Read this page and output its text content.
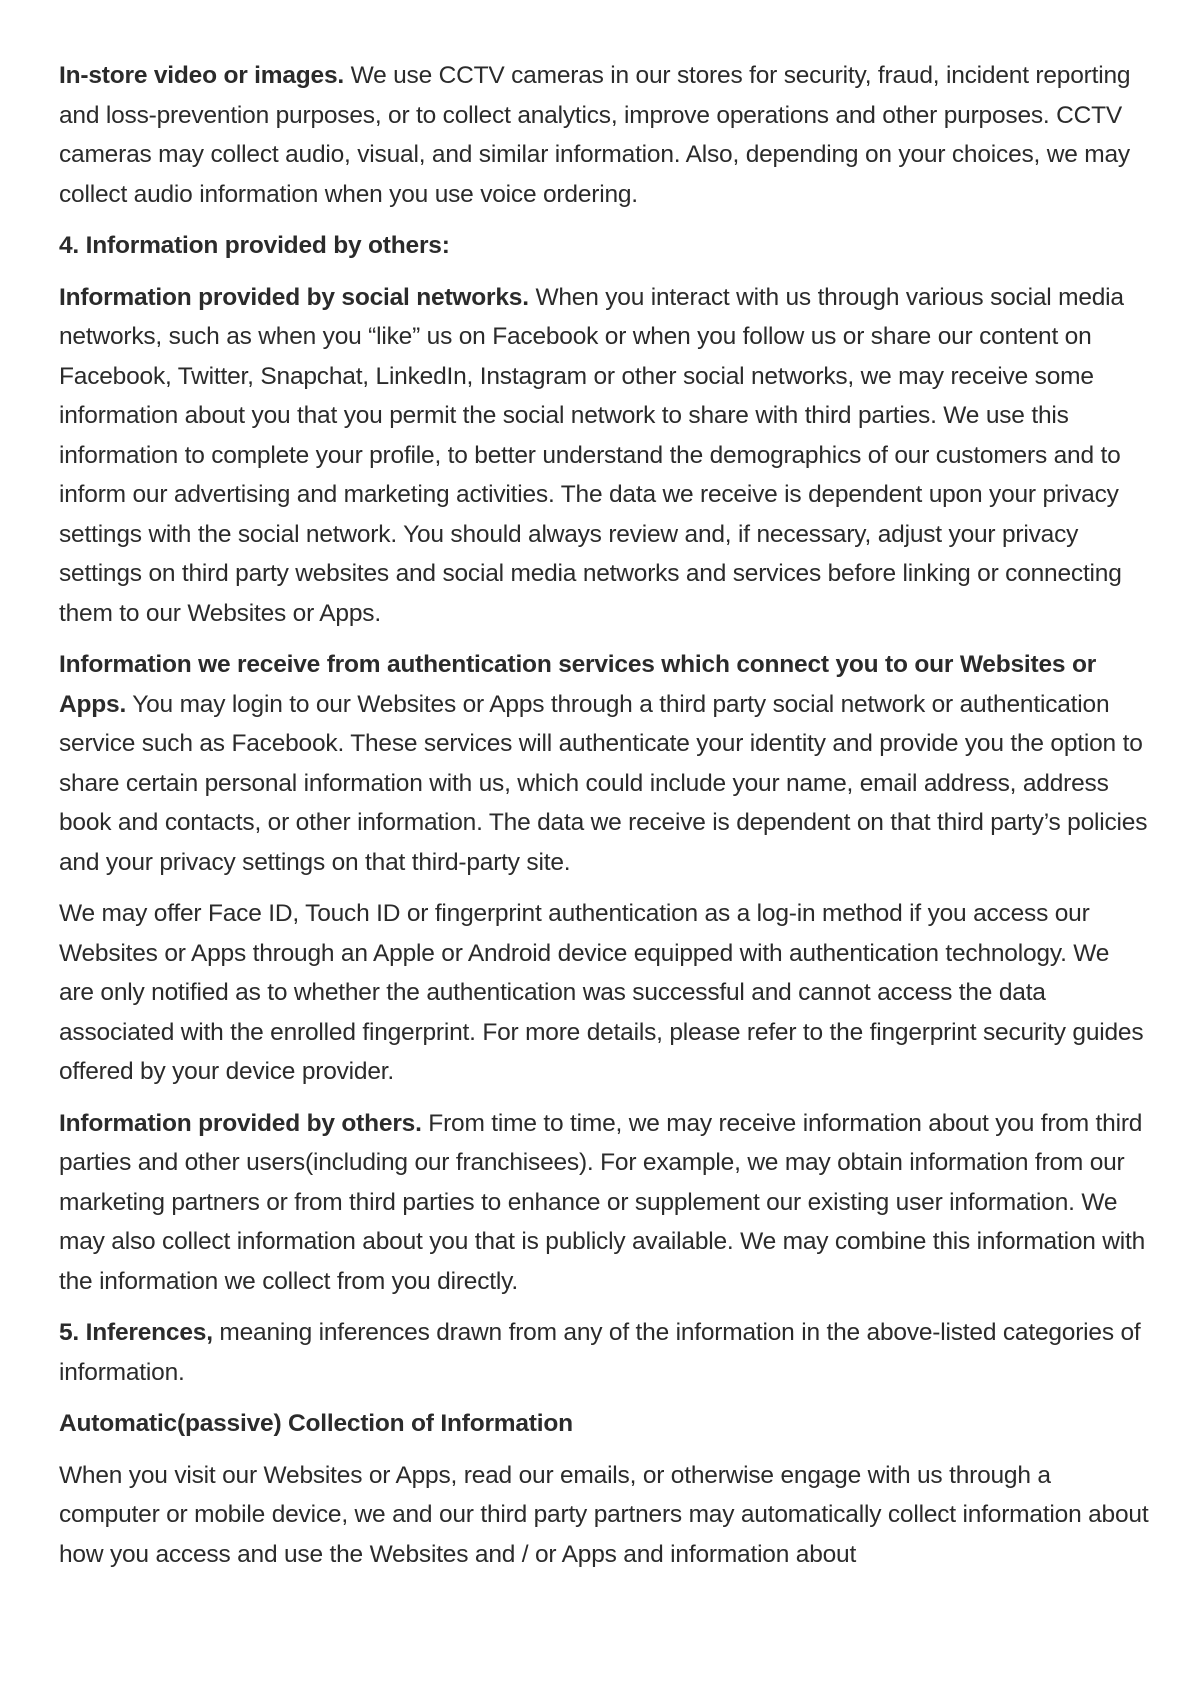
In-store video or images. We use CCTV cameras in our stores for security, fraud, incident reporting and loss-prevention purposes, or to collect analytics, improve operations and other purposes. CCTV cameras may collect audio, visual, and similar information. Also, depending on your choices, we may collect audio information when you use voice ordering.

4. Information provided by others:

Information provided by social networks. When you interact with us through various social media networks, such as when you “like” us on Facebook or when you follow us or share our content on Facebook, Twitter, Snapchat, LinkedIn, Instagram or other social networks, we may receive some information about you that you permit the social network to share with third parties. We use this information to complete your profile, to better understand the demographics of our customers and to inform our advertising and marketing activities. The data we receive is dependent upon your privacy settings with the social network. You should always review and, if necessary, adjust your privacy settings on third party websites and social media networks and services before linking or connecting them to our Websites or Apps.

Information we receive from authentication services which connect you to our Websites or Apps. You may login to our Websites or Apps through a third party social network or authentication service such as Facebook. These services will authenticate your identity and provide you the option to share certain personal information with us, which could include your name, email address, address book and contacts, or other information. The data we receive is dependent on that third party’s policies and your privacy settings on that third-party site.

We may offer Face ID, Touch ID or fingerprint authentication as a log-in method if you access our Websites or Apps through an Apple or Android device equipped with authentication technology. We are only notified as to whether the authentication was successful and cannot access the data associated with the enrolled fingerprint. For more details, please refer to the fingerprint security guides offered by your device provider.

Information provided by others. From time to time, we may receive information about you from third parties and other users(including our franchisees). For example, we may obtain information from our marketing partners or from third parties to enhance or supplement our existing user information. We may also collect information about you that is publicly available. We may combine this information with the information we collect from you directly.

5. Inferences, meaning inferences drawn from any of the information in the above-listed categories of information.

Automatic(passive) Collection of Information

When you visit our Websites or Apps, read our emails, or otherwise engage with us through a computer or mobile device, we and our third party partners may automatically collect information about how you access and use the Websites and / or Apps and information about
